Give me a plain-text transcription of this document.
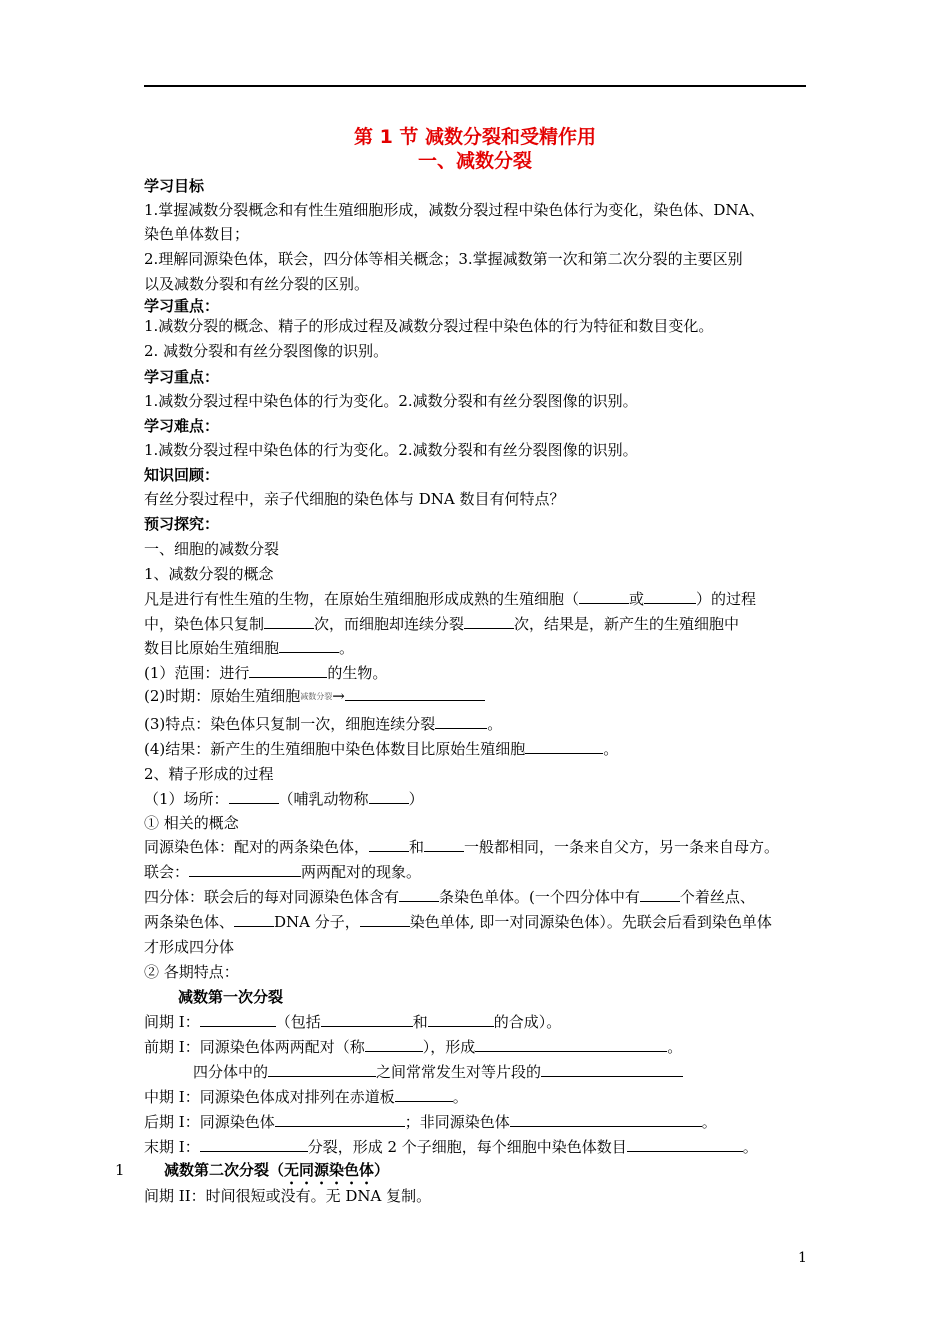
第 1 节 减数分裂和受精作用
一、减数分裂
学习目标
1.掌握减数分裂概念和有性生殖细胞形成，减数分裂过程中染色体行为变化，染色体、DNA、
染色单体数目；
2.理解同源染色体，联会，四分体等相关概念；3.掌握减数第一次和第二次分裂的主要区别
以及减数分裂和有丝分裂的区别。
学习重点：
1.减数分裂的概念、精子的形成过程及减数分裂过程中染色体的行为特征和数目变化。
2. 减数分裂和有丝分裂图像的识别。
学习重点：
1.减数分裂过程中染色体的行为变化。2.减数分裂和有丝分裂图像的识别。
学习难点：
1.减数分裂过程中染色体的行为变化。2.减数分裂和有丝分裂图像的识别。
知识回顾：
有丝分裂过程中，亲子代细胞的染色体与 DNA 数目有何特点？
预习探究：
一、细胞的减数分裂
1、减数分裂的概念
凡是进行有性生殖的生物，在原始生殖细胞形成成熟的生殖细胞（	或	）的过程
中，染色体只复制	次，而细胞却连续分裂	次，结果是，新产生的生殖细胞中
数目比原始生殖细胞	。
(1）范围：进行	的生物。
(2)时期：原始生殖细胞减数分裂→
(3)特点：染色体只复制一次，细胞连续分裂	。
(4)结果：新产生的生殖细胞中染色体数目比原始生殖细胞	。
2、精子形成的过程
（1）场所：	（哺乳动物称	）
① 相关的概念
同源染色体：配对的两条染色体，	和	一般都相同，一条来自父方，另一条来自母方。
联会：	两两配对的现象。
四分体：联会后的每对同源染色体含有	条染色单体。(一个四分体中有	个着丝点、
两条染色体、	DNA 分子，	染色单体, 即一对同源染色体）。先联会后看到染色单体
才形成四分体
② 各期特点：
减数第一次分裂
间期 I：	（包括	和	的合成）。
前期 I：同源染色体两两配对（称	），形成	。
四分体中的	之间常常发生对等片段的
中期 I：同源染色体成对排列在赤道板	。
后期 I：同源染色体	；非同源染色体	。
末期 I：	分裂，形成 2 个子细胞，每个细胞中染色体数目	。
1	减数第二次分裂（无同源染色体）
间期 II：时间很短或没有。无 DNA 复制。
1
